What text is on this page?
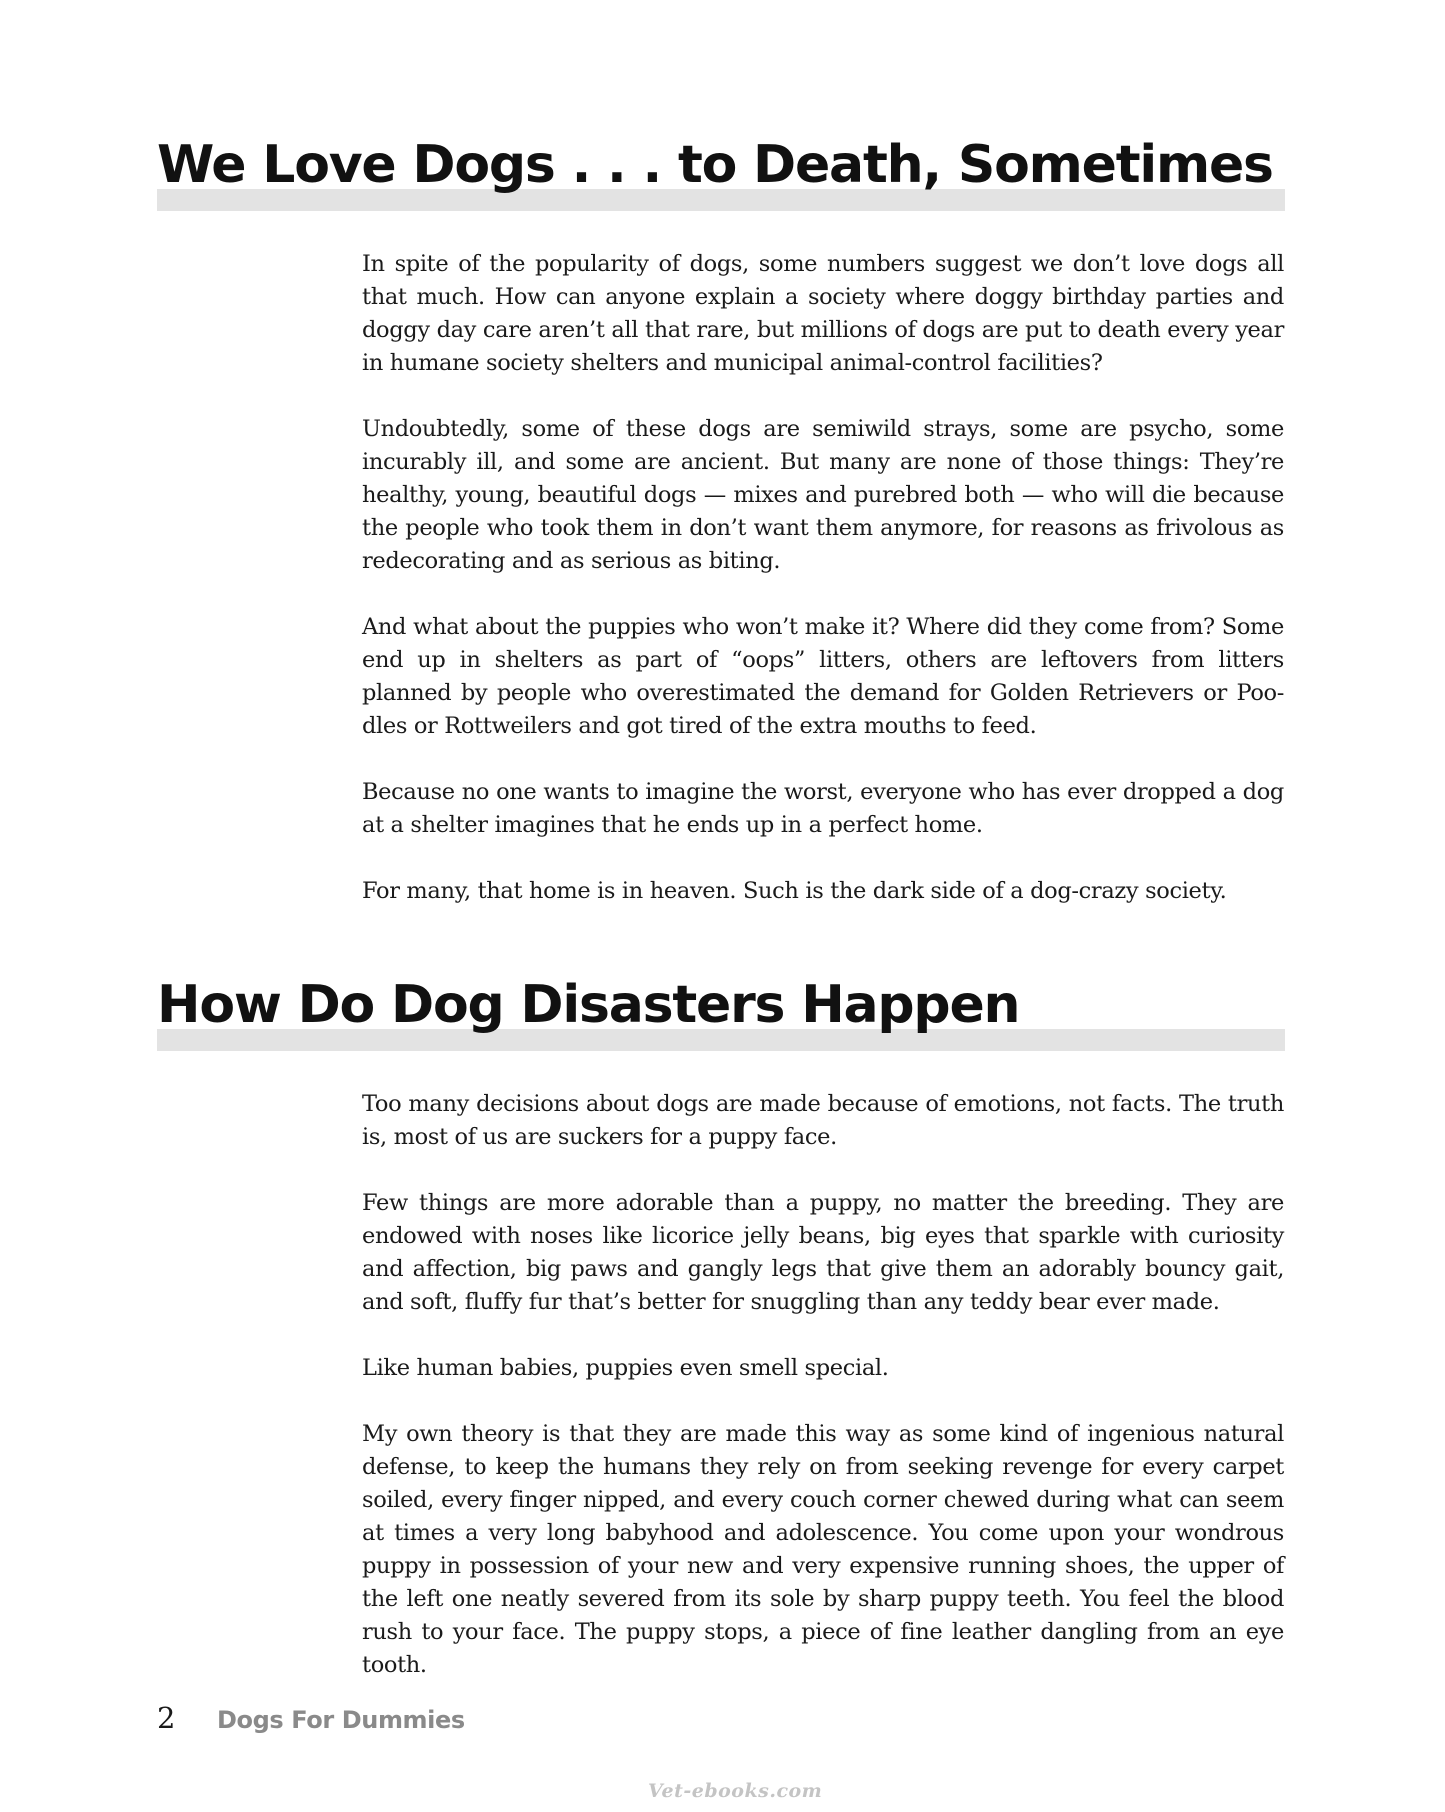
We Love Dogs . . . to Death, Sometimes

In spite of the popularity of dogs, some numbers suggest we don’t love dogs all that much. How can anyone explain a society where doggy birthday parties and doggy day care aren’t all that rare, but millions of dogs are put to death every year in humane society shelters and municipal animal-control facilities?

Undoubtedly, some of these dogs are semiwild strays, some are psycho, some incurably ill, and some are ancient. But many are none of those things: They’re healthy, young, beautiful dogs — mixes and purebred both — who will die because the people who took them in don’t want them anymore, for reasons as frivolous as redecorating and as serious as biting.

And what about the puppies who won’t make it? Where did they come from? Some end up in shelters as part of “oops” litters, others are leftovers from litters planned by people who overestimated the demand for Golden Retrievers or Poo-dles or Rottweilers and got tired of the extra mouths to feed.

Because no one wants to imagine the worst, everyone who has ever dropped a dog at a shelter imagines that he ends up in a perfect home.

For many, that home is in heaven. Such is the dark side of a dog-crazy society.

How Do Dog Disasters Happen

Too many decisions about dogs are made because of emotions, not facts. The truth is, most of us are suckers for a puppy face.

Few things are more adorable than a puppy, no matter the breeding. They are endowed with noses like licorice jelly beans, big eyes that sparkle with curiosity and affection, big paws and gangly legs that give them an adorably bouncy gait, and soft, fluffy fur that’s better for snuggling than any teddy bear ever made.

Like human babies, puppies even smell special.

My own theory is that they are made this way as some kind of ingenious natural defense, to keep the humans they rely on from seeking revenge for every carpet soiled, every finger nipped, and every couch corner chewed during what can seem at times a very long babyhood and adolescence. You come upon your wondrous puppy in possession of your new and very expensive running shoes, the upper of the left one neatly severed from its sole by sharp puppy teeth. You feel the blood rush to your face. The puppy stops, a piece of fine leather dangling from an eye tooth.

2	Dogs For Dummies
Vet-ebooks.com
